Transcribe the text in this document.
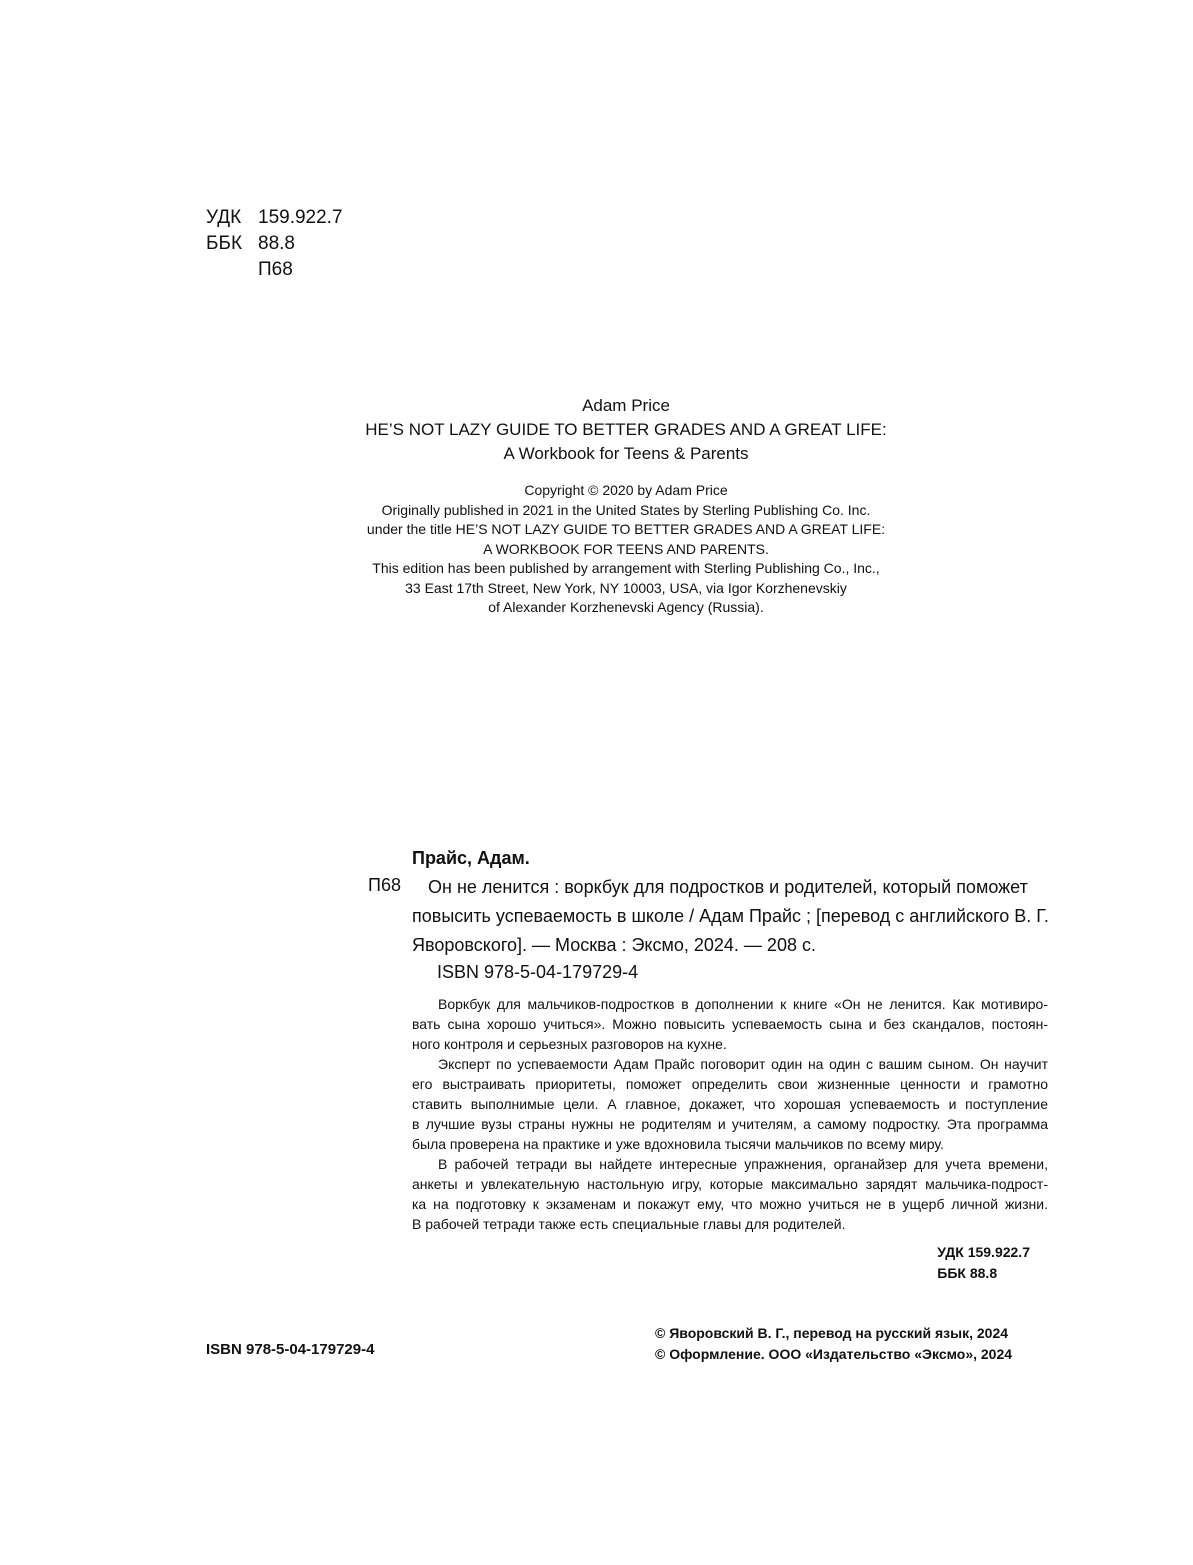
УДК 159.922.7
ББК 88.8
П68
Adam Price
HE’S NOT LAZY GUIDE TO BETTER GRADES AND A GREAT LIFE:
A Workbook for Teens & Parents
Copyright © 2020 by Adam Price
Originally published in 2021 in the United States by Sterling Publishing Co. Inc.
under the title HE’S NOT LAZY GUIDE TO BETTER GRADES AND A GREAT LIFE:
A WORKBOOK FOR TEENS AND PARENTS.
This edition has been published by arrangement with Sterling Publishing Co., Inc.,
33 East 17th Street, New York, NY 10003, USA, via Igor Korzhenevskiy
of Alexander Korzhenevski Agency (Russia).
Прайс, Адам.
П68	Он не ленится : воркбук для подростков и родителей, который поможет повысить успеваемость в школе / Адам Прайс ; [перевод с английского В. Г. Яворовского]. — Москва : Эксмо, 2024. — 208 с.
ISBN 978-5-04-179729-4

Воркбук для мальчиков-подростков в дополнении к книге «Он не ленится. Как мотивиро-
вать сына хорошо учиться». Можно повысить успеваемость сына и без скандалов, постоян-
ного контроля и серьезных разговоров на кухне.

Эксперт по успеваемости Адам Прайс поговорит один на один с вашим сыном. Он научит
его выстраивать приоритеты, поможет определить свои жизненные ценности и грамотно
ставить выполнимые цели. А главное, докажет, что хорошая успеваемость и поступление
в лучшие вузы страны нужны не родителям и учителям, а самому подростку. Эта программа
была проверена на практике и уже вдохновила тысячи мальчиков по всему миру.

В рабочей тетради вы найдете интересные упражнения, органайзер для учета времени,
анкеты и увлекательную настольную игру, которые максимально зарядят мальчика-подрост-
ка на подготовку к экзаменам и покажут ему, что можно учиться не в ущерб личной жизни.
В рабочей тетради также есть специальные главы для родителей.

УДК 159.922.7
ББК 88.8
ISBN 978-5-04-179729-4
© Яворовский В. Г., перевод на русский язык, 2024
© Оформление. ООО «Издательство «Эксмо», 2024
